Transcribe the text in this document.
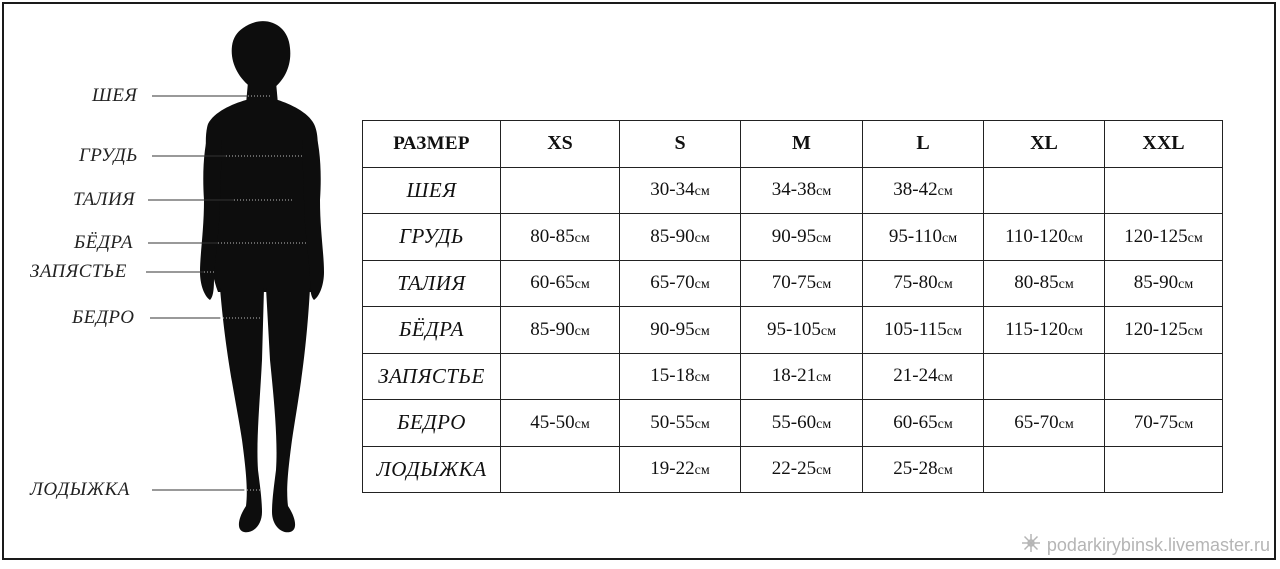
ШЕЯ
ГРУДЬ
ТАЛИЯ
БЁДРА
ЗАПЯСТЬЕ
БЕДРО
ЛОДЫЖКА
РАЗМЕР	XS	S	M	L	XL	XXL
ШЕЯ		30-34см	34-38см	38-42см		
ГРУДЬ	80-85см	85-90см	90-95см	95-110см	110-120см	120-125см
ТАЛИЯ	60-65см	65-70см	70-75см	75-80см	80-85см	85-90см
БЁДРА	85-90см	90-95см	95-105см	105-115см	115-120см	120-125см
ЗАПЯСТЬЕ		15-18см	18-21см	21-24см		
БЕДРО	45-50см	50-55см	55-60см	60-65см	65-70см	70-75см
ЛОДЫЖКА		19-22см	22-25см	25-28см		
podarkirybinsk.livemaster.ru
